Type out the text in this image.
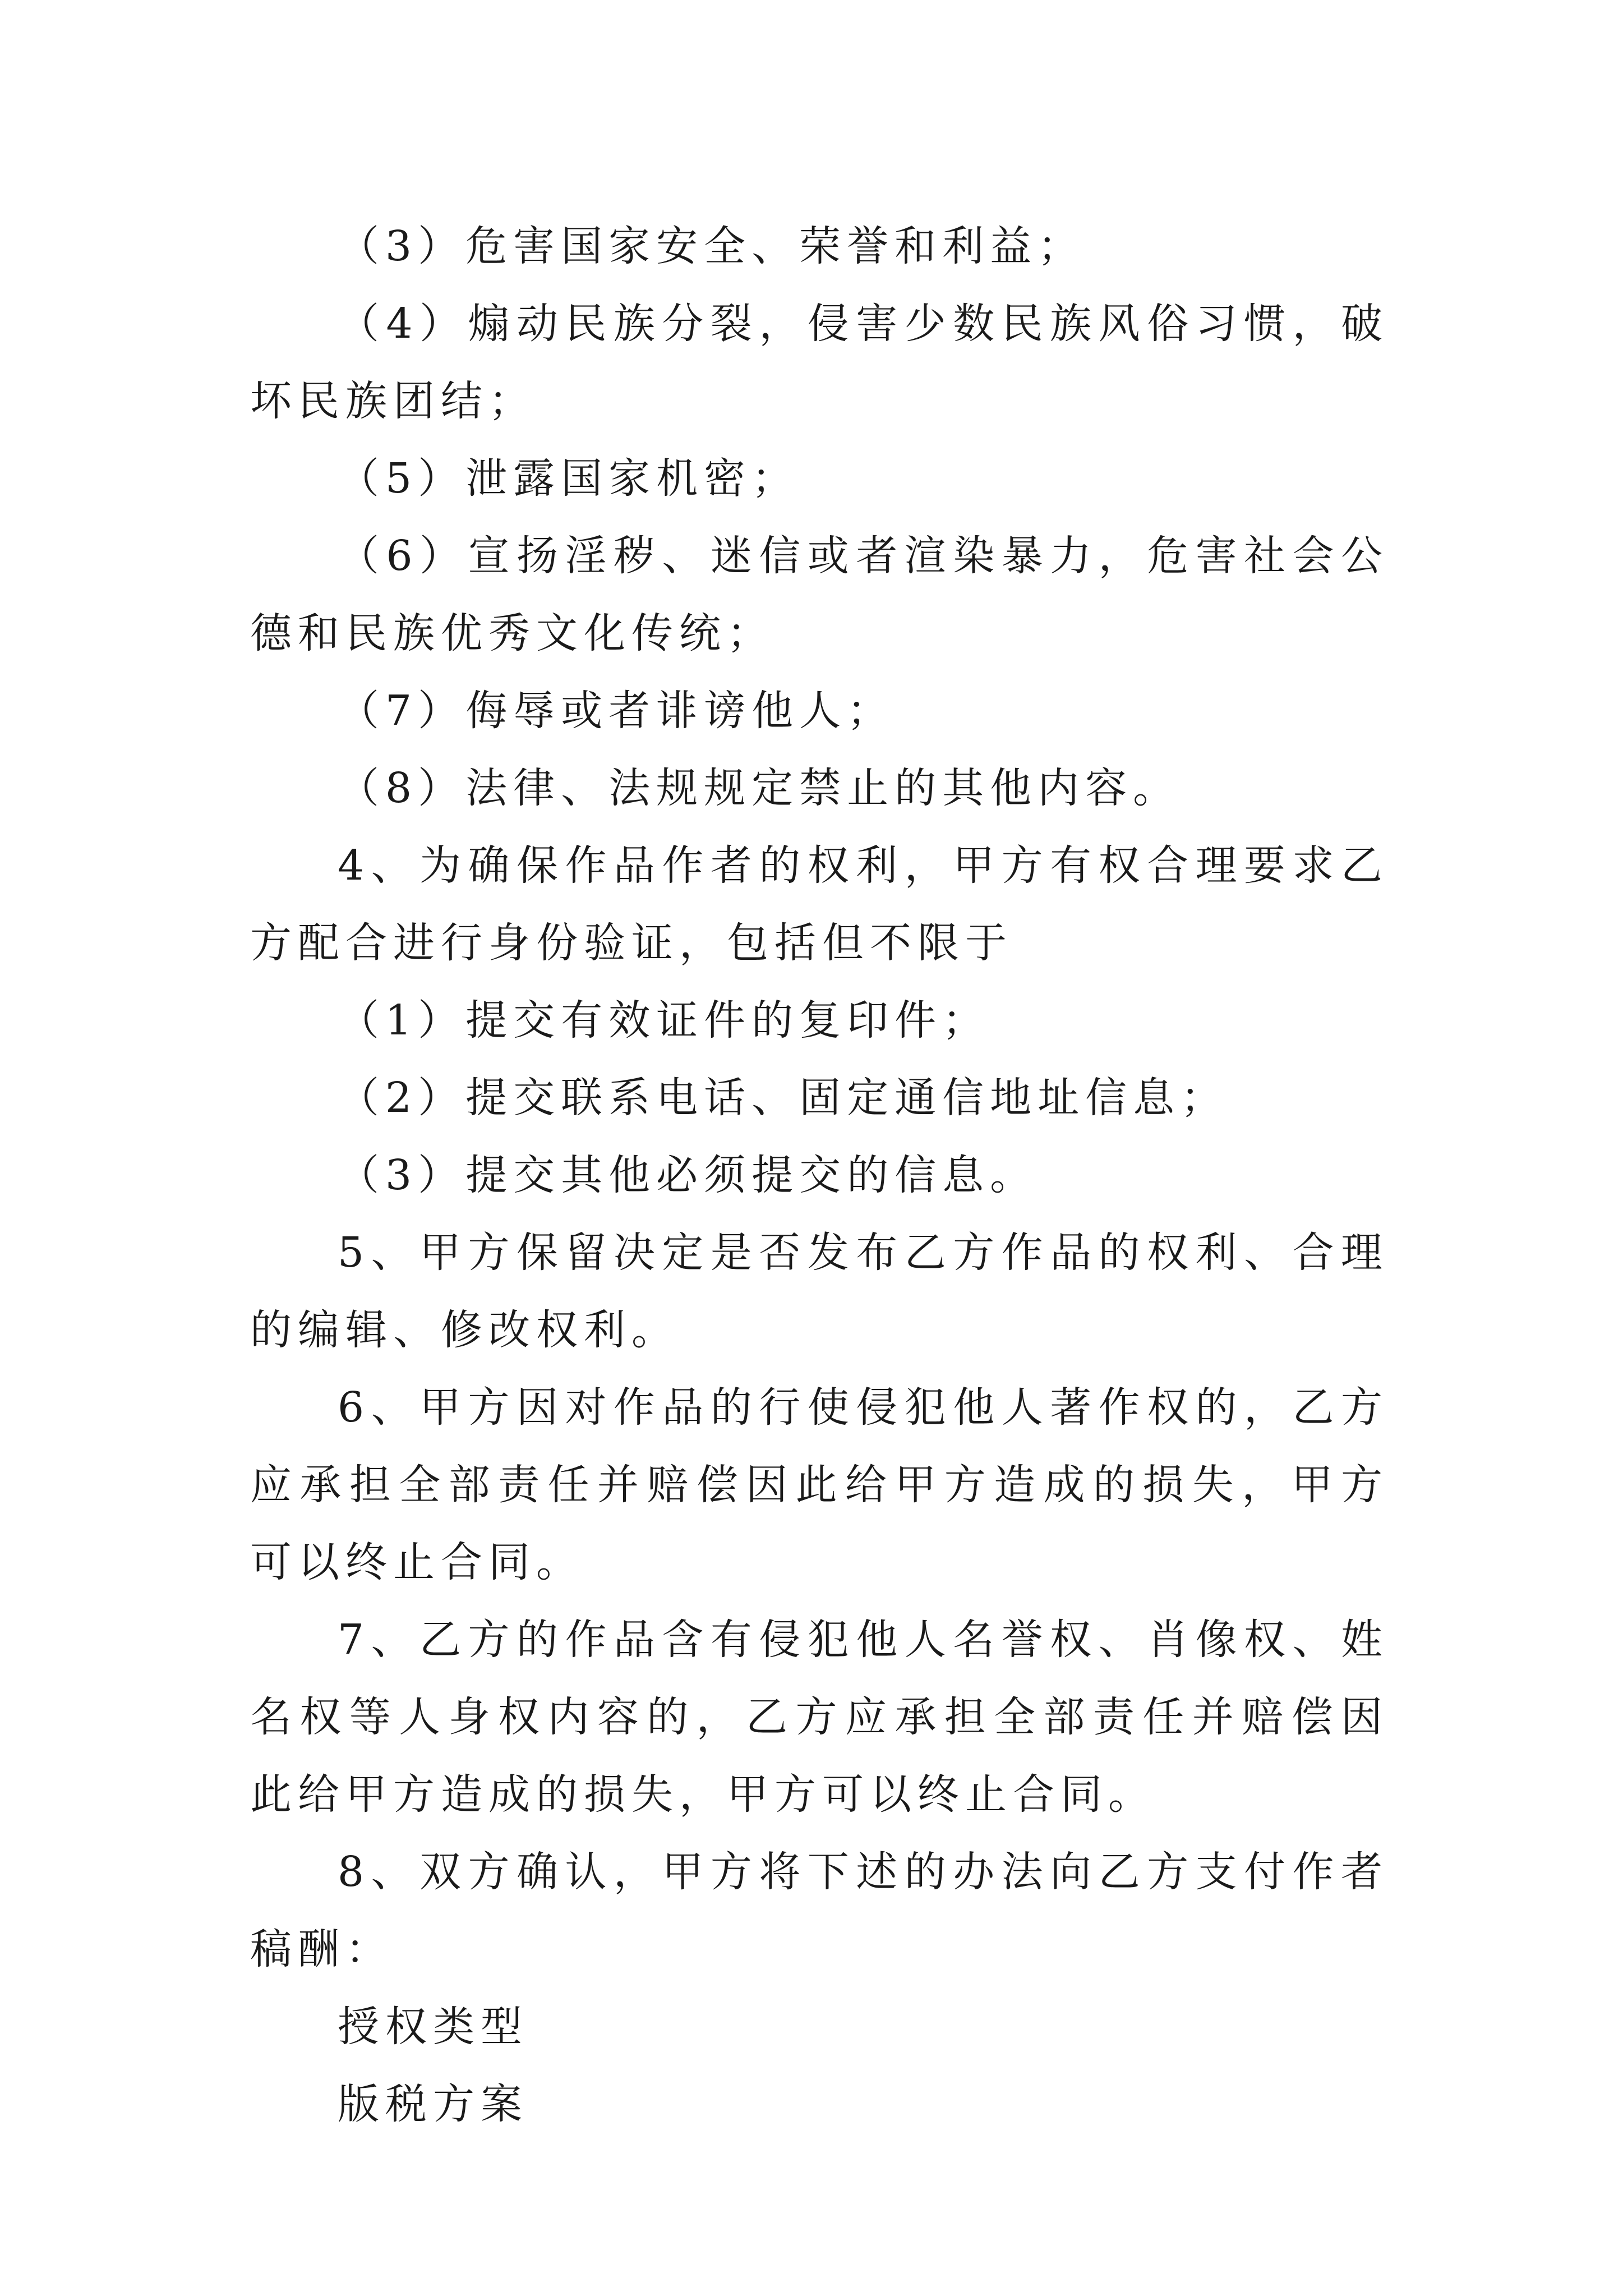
（3）危害国家安全、荣誉和利益；

（4）煽动民族分裂，侵害少数民族风俗习惯，破坏民族团结；

（5）泄露国家机密；

（6）宣扬淫秽、迷信或者渲染暴力，危害社会公德和民族优秀文化传统；

（7）侮辱或者诽谤他人；

（8）法律、法规规定禁止的其他内容。

4、为确保作品作者的权利，甲方有权合理要求乙方配合进行身份验证，包括但不限于

（1）提交有效证件的复印件；

（2）提交联系电话、固定通信地址信息；

（3）提交其他必须提交的信息。

5、甲方保留决定是否发布乙方作品的权利、合理的编辑、修改权利。

6、甲方因对作品的行使侵犯他人著作权的，乙方应承担全部责任并赔偿因此给甲方造成的损失，甲方可以终止合同。

7、乙方的作品含有侵犯他人名誉权、肖像权、姓名权等人身权内容的，乙方应承担全部责任并赔偿因此给甲方造成的损失，甲方可以终止合同。

8、双方确认，甲方将下述的办法向乙方支付作者稿酬：

授权类型

版税方案
